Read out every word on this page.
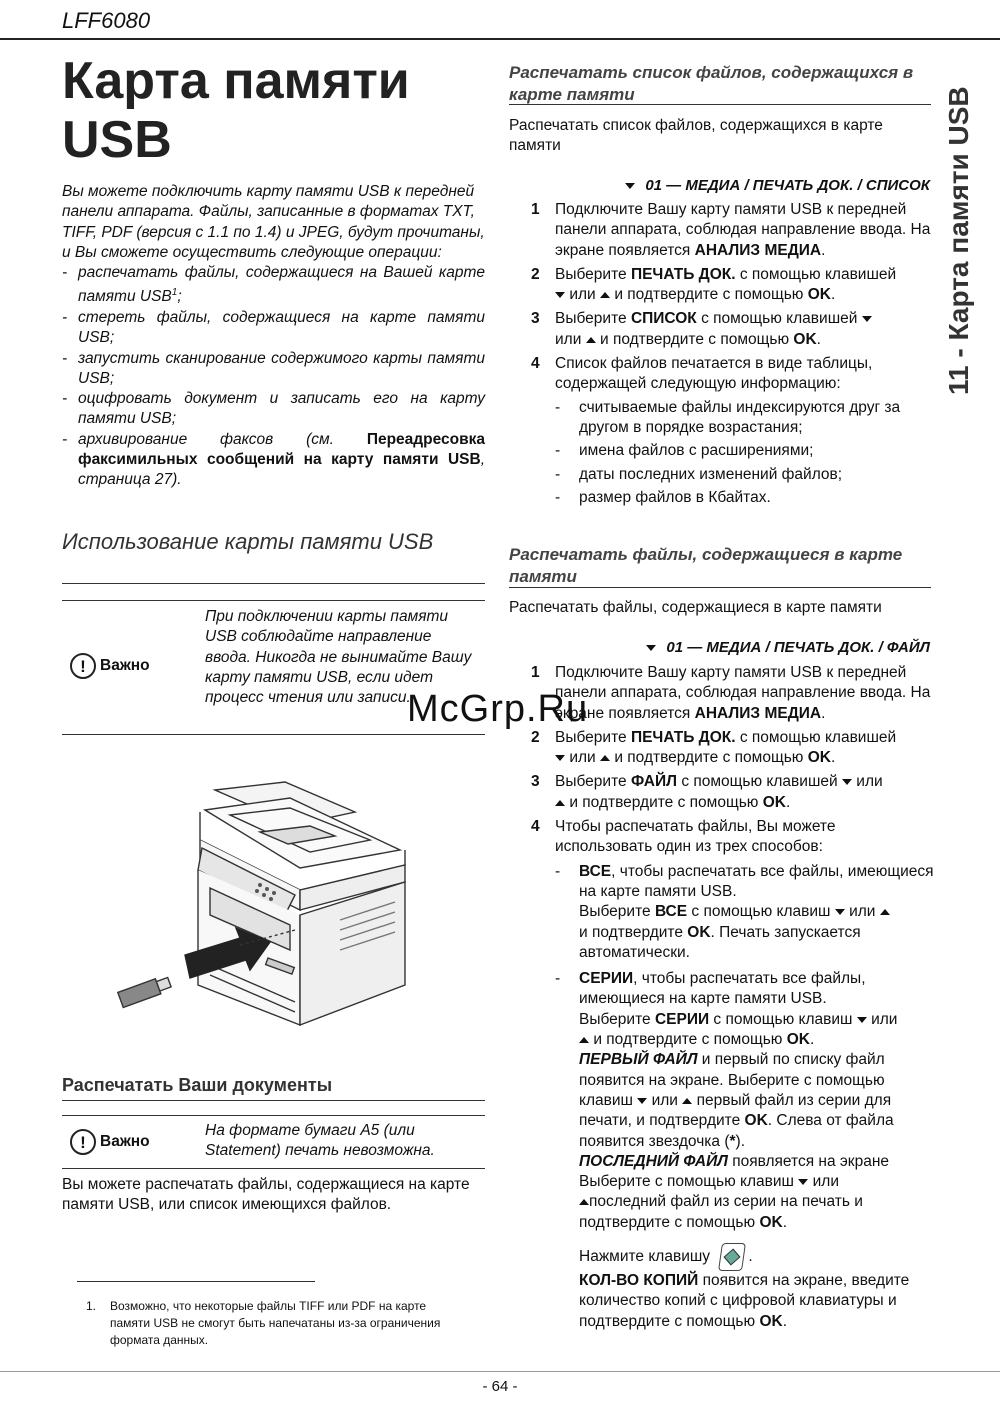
LFF6080
11 - Карта памяти USB
Карта памяти
USB

Вы можете подключить карту памяти USB к передней панели аппарата. Файлы, записанные в форматах TXT, TIFF, PDF (версия с 1.1 по 1.4) и JPEG, будут прочитаны, и Вы сможете осуществить следующие операции:

- распечатать файлы, содержащиеся на Вашей карте памяти USB$^1$;
- стереть файлы, содержащиеся на карте памяти USB;
- запустить сканирование содержимого карты памяти USB;
- оцифровать документ и записать его на карту памяти USB;
- архивирование факсов (см. Переадресовка факсимильных сообщений на карту памяти USB, страница 27).
Использование карты памяти USB
! Важно
При подключении карты памяти USB соблюдайте направление ввода. Никогда не вынимайте Вашу карту памяти USB, если идет процесс чтения или записи.
Распечатать Ваши документы
! Важно
На формате бумаги A5 (или Statement) печать невозможна.
Вы можете распечатать файлы, содержащиеся на карте памяти USB, или список имеющихся файлов.
1.	Возможно, что некоторые файлы TIFF или PDF на карте памяти USB не смогут быть напечатаны из-за ограничения формата данных.
Распечатать список файлов, содержащихся в карте памяти
Распечатать список файлов, содержащихся в карте памяти
01 — МЕДИА / ПЕЧАТЬ ДОК. / СПИСОК
1 Подключите Вашу карту памяти USB к передней панели аппарата, соблюдая направление ввода. На экране появляется АНАЛИЗ МЕДИА.
2 Выберите ПЕЧАТЬ ДОК. с помощью клавишей
или и подтвердите с помощью OK.
3 Выберите СПИСОК с помощью клавишей
или и подтвердите с помощью OK.
4 Список файлов печатается в виде таблицы, содержащей следующую информацию:
- считываемые файлы индексируются друг за другом в порядке возрастания;
- имена файлов с расширениями;
- даты последних изменений файлов;
- размер файлов в Кбайтах.
Распечатать файлы, содержащиеся в карте памяти
Распечатать файлы, содержащиеся в карте памяти
01 — МЕДИА / ПЕЧАТЬ ДОК. / ФАЙЛ
1 Подключите Вашу карту памяти USB к передней панели аппарата, соблюдая направление ввода. На экране появляется АНАЛИЗ МЕДИА.
2 Выберите ПЕЧАТЬ ДОК. с помощью клавишей
или и подтвердите с помощью OK.
3 Выберите ФАЙЛ с помощью клавишей или
и подтвердите с помощью OK.
4 Чтобы распечатать файлы, Вы можете использовать один из трех способов:
- ВСЕ, чтобы распечатать все файлы, имеющиеся на карте памяти USB.
Выберите ВСЕ с помощью клавиш или
и подтвердите OK. Печать запускается автоматически.
- СЕРИИ, чтобы распечатать все файлы, имеющиеся на карте памяти USB.
Выберите СЕРИИ с помощью клавиш или
и подтвердите с помощью OK.
ПЕРВЫЙ ФАЙЛ и первый по списку файл появится на экране. Выберите с помощью клавиш или первый файл из серии для печати, и подтвердите OK. Слева от файла появится звездочка (*).
ПОСЛЕДНИЙ ФАЙЛ появляется на экране Выберите с помощью клавиш или
последний файл из серии на печать и подтвердите с помощью OK.
Нажмите клавишу .
КОЛ-ВО КОПИЙ появится на экране, введите количество копий с цифровой клавиатуры и подтвердите с помощью OK.
McGrp.Ru
- 64 -
